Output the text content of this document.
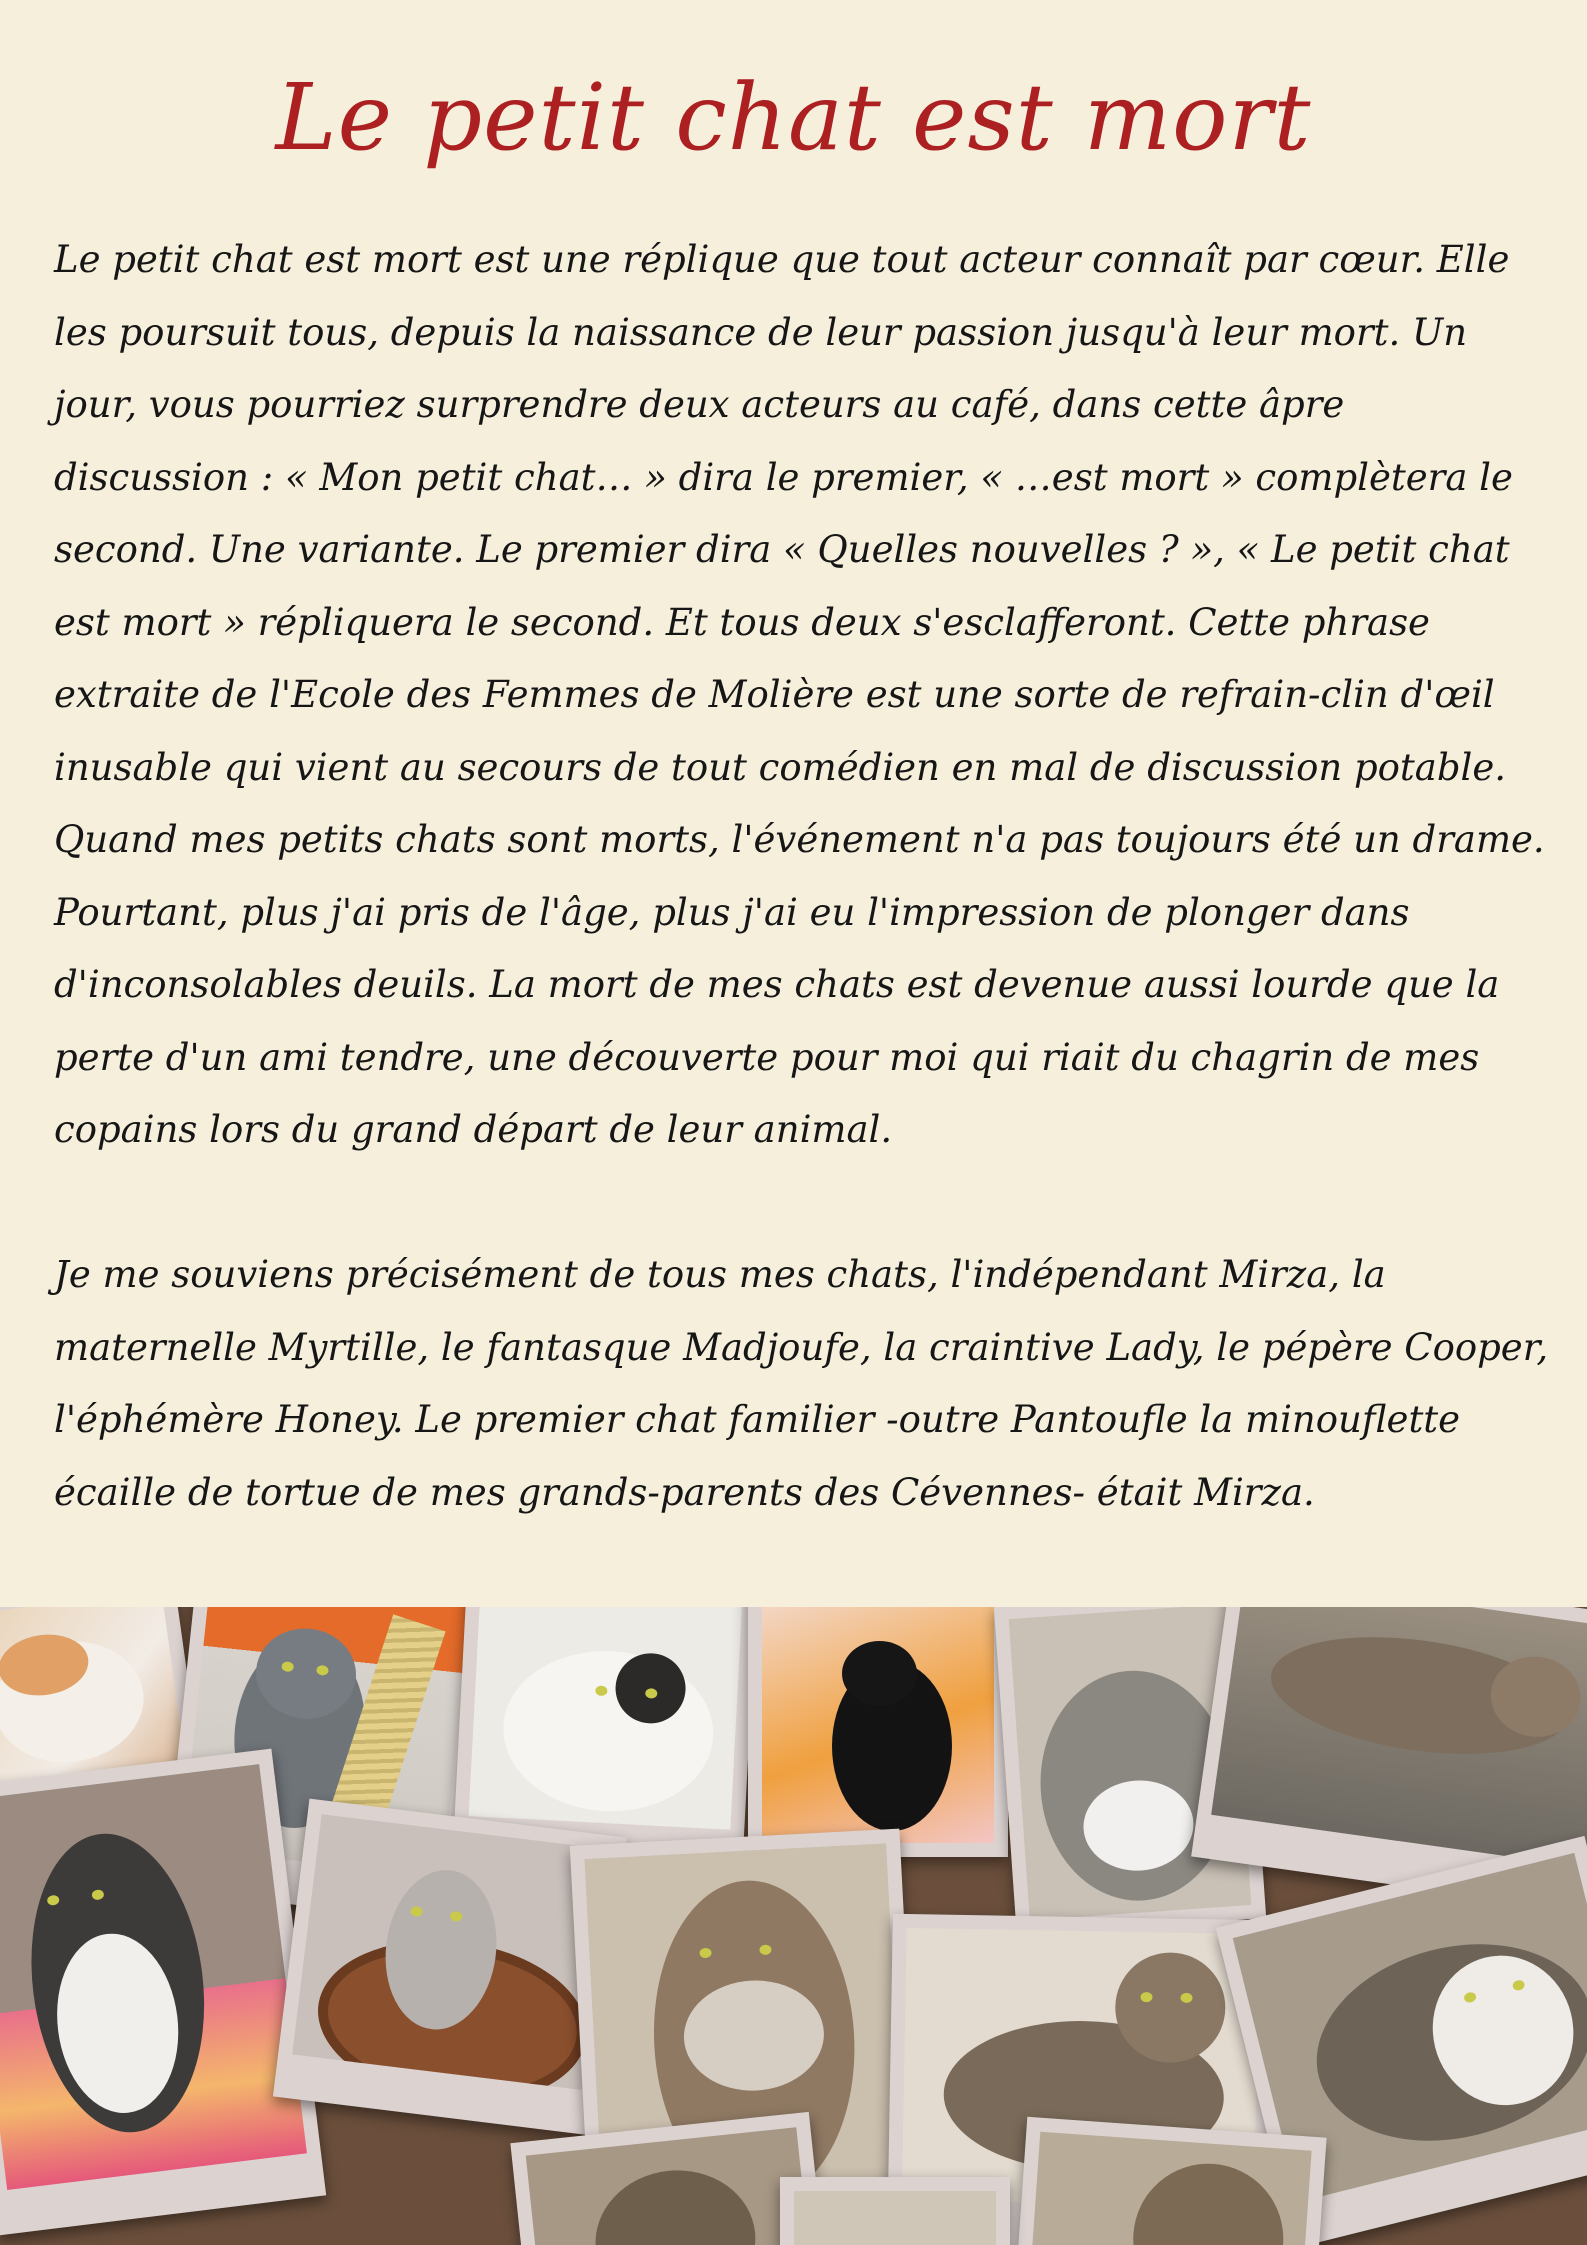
Le petit chat est mort
Le petit chat est mort est une réplique que tout acteur connaît par cœur. Elle
les poursuit tous, depuis la naissance de leur passion jusqu'à leur mort. Un
jour, vous pourriez surprendre deux acteurs au café, dans cette âpre
discussion : « Mon petit chat… » dira le premier, « …est mort » complètera le
second. Une variante. Le premier dira « Quelles nouvelles ? », « Le petit chat
est mort » répliquera le second. Et tous deux s'esclafferont. Cette phrase
extraite de l'Ecole des Femmes de Molière est une sorte de refrain-clin d'œil
inusable qui vient au secours de tout comédien en mal de discussion potable.
Quand mes petits chats sont morts, l'événement n'a pas toujours été un drame.
Pourtant, plus j'ai pris de l'âge, plus j'ai eu l'impression de plonger dans
d'inconsolables deuils. La mort de mes chats est devenue aussi lourde que la
perte d'un ami tendre, une découverte pour moi qui riait du chagrin de mes
copains lors du grand départ de leur animal.
Je me souviens précisément de tous mes chats, l'indépendant Mirza, la
maternelle Myrtille, le fantasque Madjoufe, la craintive Lady, le pépère Cooper,
l'éphémère Honey. Le premier chat familier -outre Pantoufle la minouflette
écaille de tortue de mes grands-parents des Cévennes- était Mirza.
